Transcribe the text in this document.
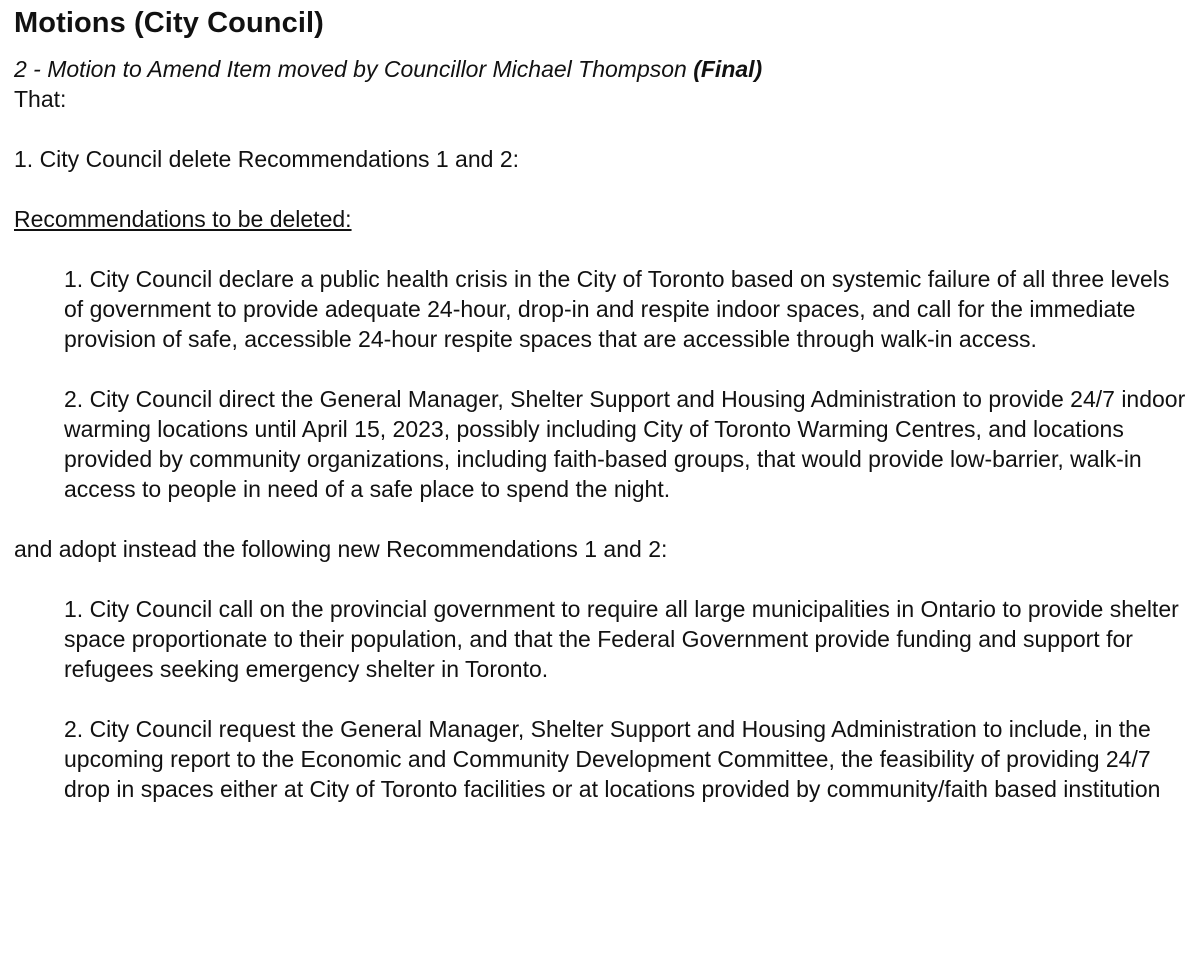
Motions (City Council)

2 - Motion to Amend Item moved by Councillor Michael Thompson (Final)

That:

1. City Council delete Recommendations 1 and 2:

Recommendations to be deleted:

1. City Council declare a public health crisis in the City of Toronto based on systemic failure of all three levels of government to provide adequate 24-hour, drop-in and respite indoor spaces, and call for the immediate provision of safe, accessible 24-hour respite spaces that are accessible through walk-in access.

2. City Council direct the General Manager, Shelter Support and Housing Administration to provide 24/7 indoor warming locations until April 15, 2023, possibly including City of Toronto Warming Centres, and locations provided by community organizations, including faith-based groups, that would provide low-barrier, walk-in access to people in need of a safe place to spend the night.

and adopt instead the following new Recommendations 1 and 2:

1. City Council call on the provincial government to require all large municipalities in Ontario to provide shelter space proportionate to their population, and that the Federal Government provide funding and support for refugees seeking emergency shelter in Toronto.

2. City Council request the General Manager, Shelter Support and Housing Administration to include, in the upcoming report to the Economic and Community Development Committee, the feasibility of providing 24/7 drop in spaces either at City of Toronto facilities or at locations provided by community/faith based institution
